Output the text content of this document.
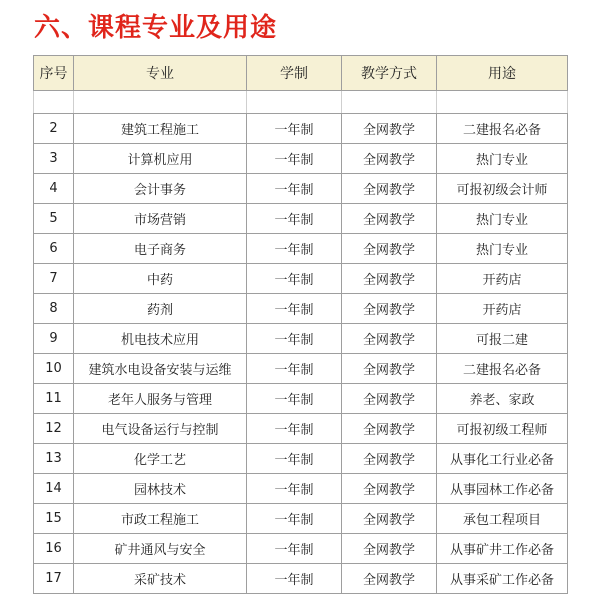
六、课程专业及用途
序号	专业	学制	教学方式	用途

2	建筑工程施工	一年制	全网教学	二建报名必备
3	计算机应用	一年制	全网教学	热门专业
4	会计事务	一年制	全网教学	可报初级会计师
5	市场营销	一年制	全网教学	热门专业
6	电子商务	一年制	全网教学	热门专业
7	中药	一年制	全网教学	开药店
8	药剂	一年制	全网教学	开药店
9	机电技术应用	一年制	全网教学	可报二建
10	建筑水电设备安装与运维	一年制	全网教学	二建报名必备
11	老年人服务与管理	一年制	全网教学	养老、家政
12	电气设备运行与控制	一年制	全网教学	可报初级工程师
13	化学工艺	一年制	全网教学	从事化工行业必备
14	园林技术	一年制	全网教学	从事园林工作必备
15	市政工程施工	一年制	全网教学	承包工程项目
16	矿井通风与安全	一年制	全网教学	从事矿井工作必备
17	采矿技术	一年制	全网教学	从事采矿工作必备
